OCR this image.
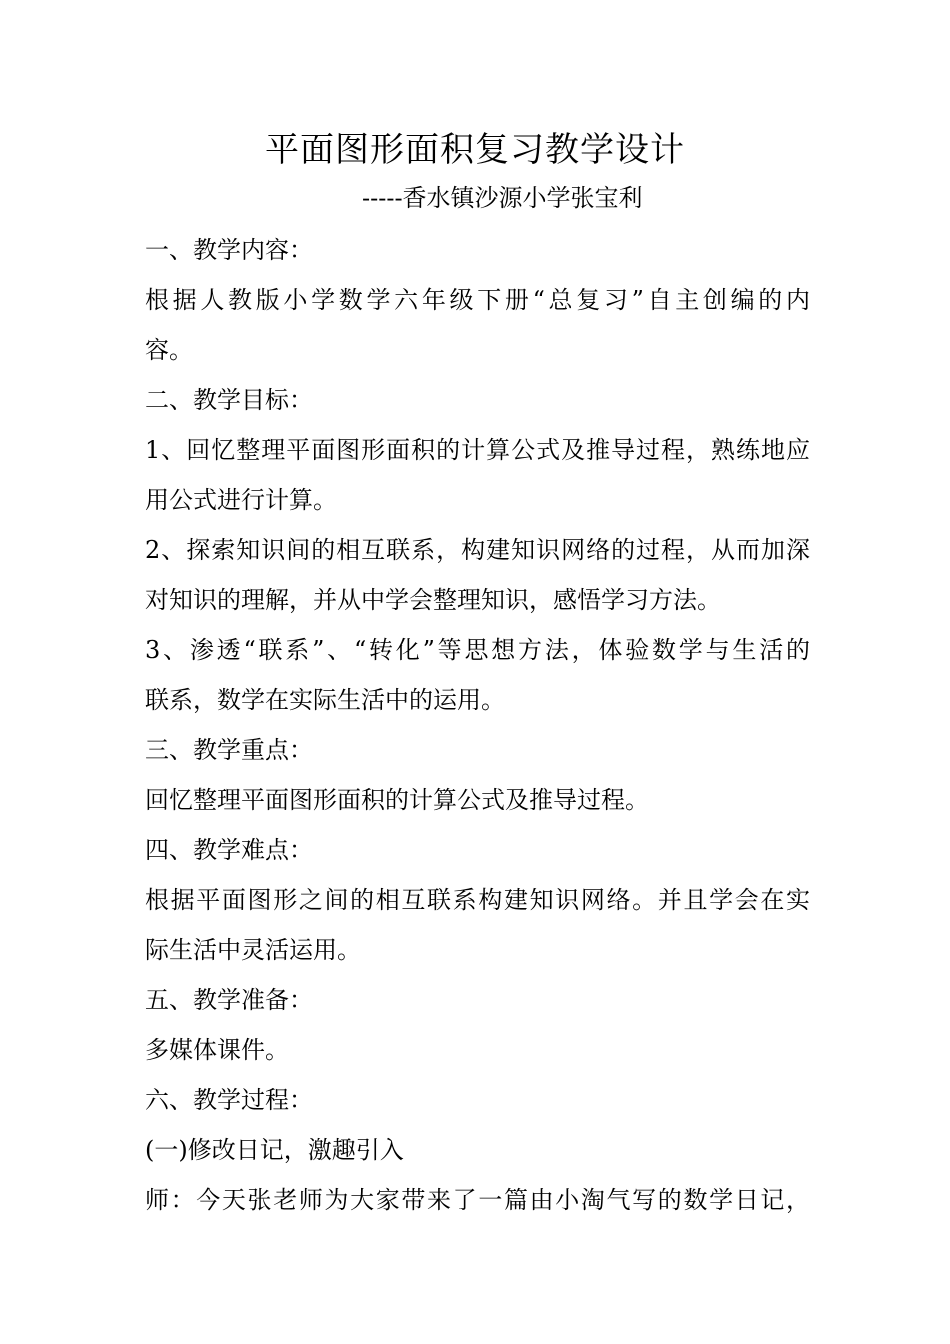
平面图形面积复习教学设计
-----香水镇沙源小学张宝利
一、教学内容：
根据人教版小学数学六年级下册“总复习”自主创编的内
容。
二、教学目标：
1、回忆整理平面图形面积的计算公式及推导过程，熟练地应
用公式进行计算。
2、探索知识间的相互联系，构建知识网络的过程，从而加深
对知识的理解，并从中学会整理知识，感悟学习方法。
3、渗透“联系”、“转化”等思想方法，体验数学与生活的
联系，数学在实际生活中的运用。
三、教学重点：
回忆整理平面图形面积的计算公式及推导过程。
四、教学难点：
根据平面图形之间的相互联系构建知识网络。并且学会在实
际生活中灵活运用。
五、教学准备：
多媒体课件。
六、教学过程：
(一)修改日记，激趣引入
师：今天张老师为大家带来了一篇由小淘气写的数学日记，
